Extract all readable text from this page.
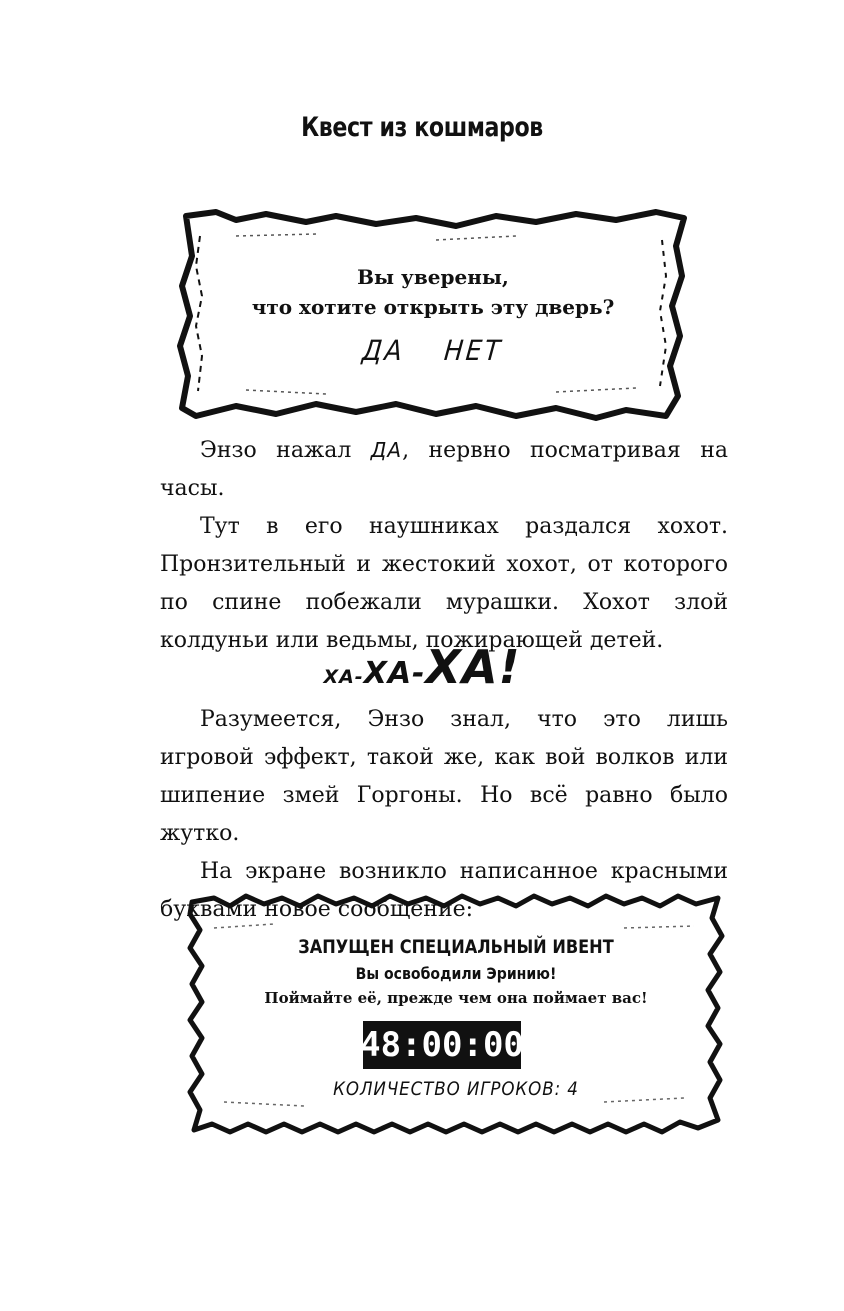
Квест из кошмаров
Вы уверены,
что хотите открыть эту дверь?
ДА НЕТ

Энзо нажал ДА, нервно посматривая на часы.

Тут в его наушниках раздался хохот. Пронзительный и жестокий хохот, от которого по спине побежали мурашки. Хохот злой колдуньи или ведьмы, пожирающей детей.

ХА-ХА-ХА!

Разумеется, Энзо знал, что это лишь игровой эффект, такой же, как вой волков или шипение змей Горгоны. Но всё равно было жутко.

На экране возникло написанное красными буквами новое сообщение:

ЗАПУЩЕН СПЕЦИАЛЬНЫЙ ИВЕНТ
Вы освободили Эринию!
Поймайте её, прежде чем она поймает вас!
48:00:00
КОЛИЧЕСТВО ИГРОКОВ: 4
